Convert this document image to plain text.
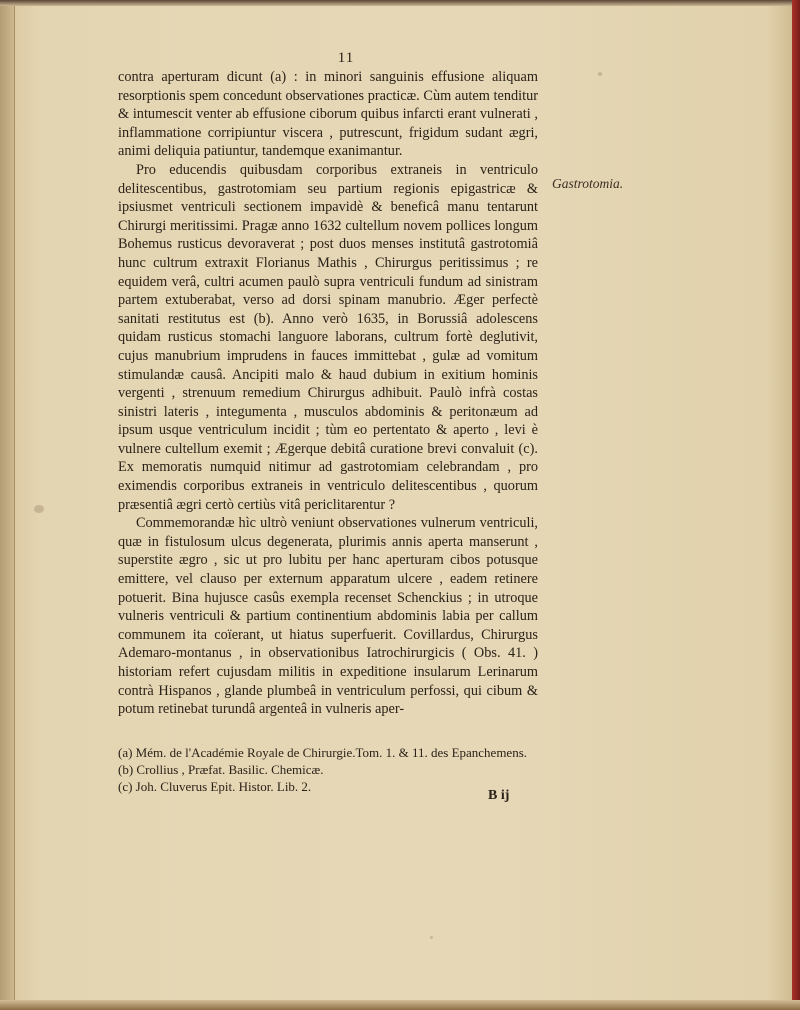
11

contra aperturam dicunt (a) : in minori sanguinis effusione aliquam resorptionis spem concedunt observationes practicæ. Cùm autem tenditur & intumescit venter ab effusione ciborum quibus infarcti erant vulnerati , inflammatione corripiuntur viscera , putrescunt, frigidum sudant ægri, animi deliquia patiuntur, tandemque exanimantur.

Pro educendis quibusdam corporibus extraneis in ventriculo delitescentibus, gastrotomiam seu partium regionis epigastricæ & ipsiusmet ventriculi sectionem impavidè & beneficâ manu tentarunt Chirurgi meritissimi. Pragæ anno 1632 cultellum novem pollices longum Bohemus rusticus devoraverat ; post duos menses institutâ gastrotomiâ hunc cultrum extraxit Florianus Mathis , Chirurgus peritissimus ; re equidem verâ, cultri acumen paulò supra ventriculi fundum ad sinistram partem extuberabat, verso ad dorsi spinam manubrio. Æger perfectè sanitati restitutus est (b). Anno verò 1635, in Borussiâ adolescens quidam rusticus stomachi languore laborans, cultrum fortè deglutivit, cujus manubrium imprudens in fauces immittebat , gulæ ad vomitum stimulandæ causâ. Ancipiti malo & haud dubium in exitium hominis vergenti , strenuum remedium Chirurgus adhibuit. Paulò infrà costas sinistri lateris , integumenta , musculos abdominis & peritonæum ad ipsum usque ventriculum incidit ; tùm eo pertentato & aperto , levi è vulnere cultellum exemit ; Ægerque debitâ curatione brevi convaluit (c). Ex memoratis numquid nitimur ad gastrotomiam celebrandam , pro eximendis corporibus extraneis in ventriculo delitescentibus , quorum præsentiâ ægri certò certiùs vitâ periclitarentur ?

Commemorandæ hìc ultrò veniunt observationes vulnerum ventriculi, quæ in fistulosum ulcus degenerata, plurimis annis aperta manserunt , superstite ægro , sic ut pro lubitu per hanc aperturam cibos potusque emittere, vel clauso per externum apparatum ulcere , eadem retinere potuerit. Bina hujusce casûs exempla recenset Schenckius ; in utroque vulneris ventriculi & partium continentium abdominis labia per callum communem ita coïerant, ut hiatus superfuerit. Covillardus, Chirurgus Ademaro-montanus , in observationibus Iatrochirurgicis ( Obs. 41. ) historiam refert cujusdam militis in expeditione insularum Lerinarum contrà Hispanos , glande plumbeâ in ventriculum perfossi, qui cibum & potum retinebat turundâ argenteâ in vulneris aper-

Gastrotomia.
(a) Mém. de l'Académie Royale de Chirurgie.Tom. 1. & 11. des Epanchemens.
(b) Crollius , Præfat. Basilic. Chemicæ.
(c) Joh. Cluverus Epit. Histor. Lib. 2.
B ij
